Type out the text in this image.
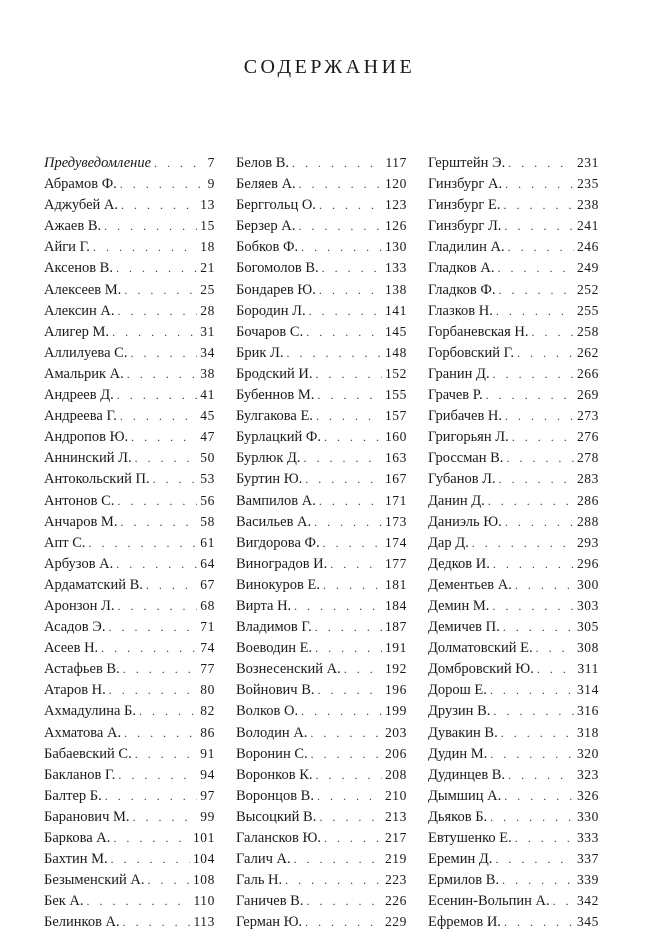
СОДЕРЖАНИЕ
Предуведомление . . .	7
Абрамов Ф. . . .	9
Аджубей А. . . .	13
Ажаев В. . . .	15
Айги Г. . . .	18
Аксенов В. . . .	21
Алексеев М. . . .	25
Алексин А. . . .	28
Алигер М. . . .	31
Аллилуева С. . . .	34
Амальрик А. . . .	38
Андреев Д. . . .	41
Андреева Г. . . .	45
Андропов Ю. . . .	47
Аннинский Л. . . .	50
Антокольский П. . . .	53
Антонов С. . . .	56
Анчаров М. . . .	58
Апт С. . . .	61
Арбузов А. . . .	64
Ардаматский В. . . .	67
Аронзон Л. . . .	68
Асадов Э. . . .	71
Асеев Н. . . .	74
Астафьев В. . . .	77
Атаров Н. . . .	80
Ахмадулина Б. . . .	82
Ахматова А. . . .	86
Бабаевский С. . . .	91
Бакланов Г. . . .	94
Балтер Б. . . .	97
Баранович М. . . .	99
Баркова А. . . .	101
Бахтин М. . . .	104
Безыменский А. . . .	108
Бек А. . . .	110
Белинков А. . . .	113
Белов В. . . .	117
Беляев А. . . .	120
Берггольц О. . . .	123
Берзер А. . . .	126
Бобков Ф. . . .	130
Богомолов В. . . .	133
Бондарев Ю. . . .	138
Бородин Л. . . .	141
Бочаров С. . . .	145
Брик Л. . . .	148
Бродский И. . . .	152
Бубеннов М. . . .	155
Булгакова Е. . . .	157
Бурлацкий Ф. . . .	160
Бурлюк Д. . . .	163
Буртин Ю. . . .	167
Вампилов А. . . .	171
Васильев А. . . .	173
Вигдорова Ф. . . .	174
Виноградов И. . . .	177
Винокуров Е. . . .	181
Вирта Н. . . .	184
Владимов Г. . . .	187
Воеводин Е. . . .	191
Вознесенский А. . . .	192
Войнович В. . . .	196
Волков О. . . .	199
Володин А. . . .	203
Воронин С. . . .	206
Воронков К. . . .	208
Воронцов В. . . .	210
Высоцкий В. . . .	213
Галансков Ю. . . .	217
Галич А. . . .	219
Галь Н. . . .	223
Ганичев В. . . .	226
Герман Ю. . . .	229
Герштейн Э. . . .	231
Гинзбург А. . . .	235
Гинзбург Е. . . .	238
Гинзбург Л. . . .	241
Гладилин А. . . .	246
Гладков А. . . .	249
Гладков Ф. . . .	252
Глазков Н. . . .	255
Горбаневская Н. . . .	258
Горбовский Г. . . .	262
Гранин Д. . . .	266
Грачев Р. . . .	269
Грибачев Н. . . .	273
Григорьян Л. . . .	276
Гроссман В. . . .	278
Губанов Л. . . .	283
Данин Д. . . .	286
Даниэль Ю. . . .	288
Дар Д. . . .	293
Дедков И. . . .	296
Дементьев А. . . .	300
Демин М. . . .	303
Демичев П. . . .	305
Долматовский Е. . . .	308
Домбровский Ю. . . .	311
Дорош Е. . . .	314
Друзин В. . . .	316
Дувакин В. . . .	318
Дудин М. . . .	320
Дудинцев В. . . .	323
Дымшиц А. . . .	326
Дьяков Б. . . .	330
Евтушенко Е. . . .	333
Еремин Д. . . .	337
Ермилов В. . . .	339
Есенин-Вольпин А. . . . 342
Ефремов И. . . .	345
